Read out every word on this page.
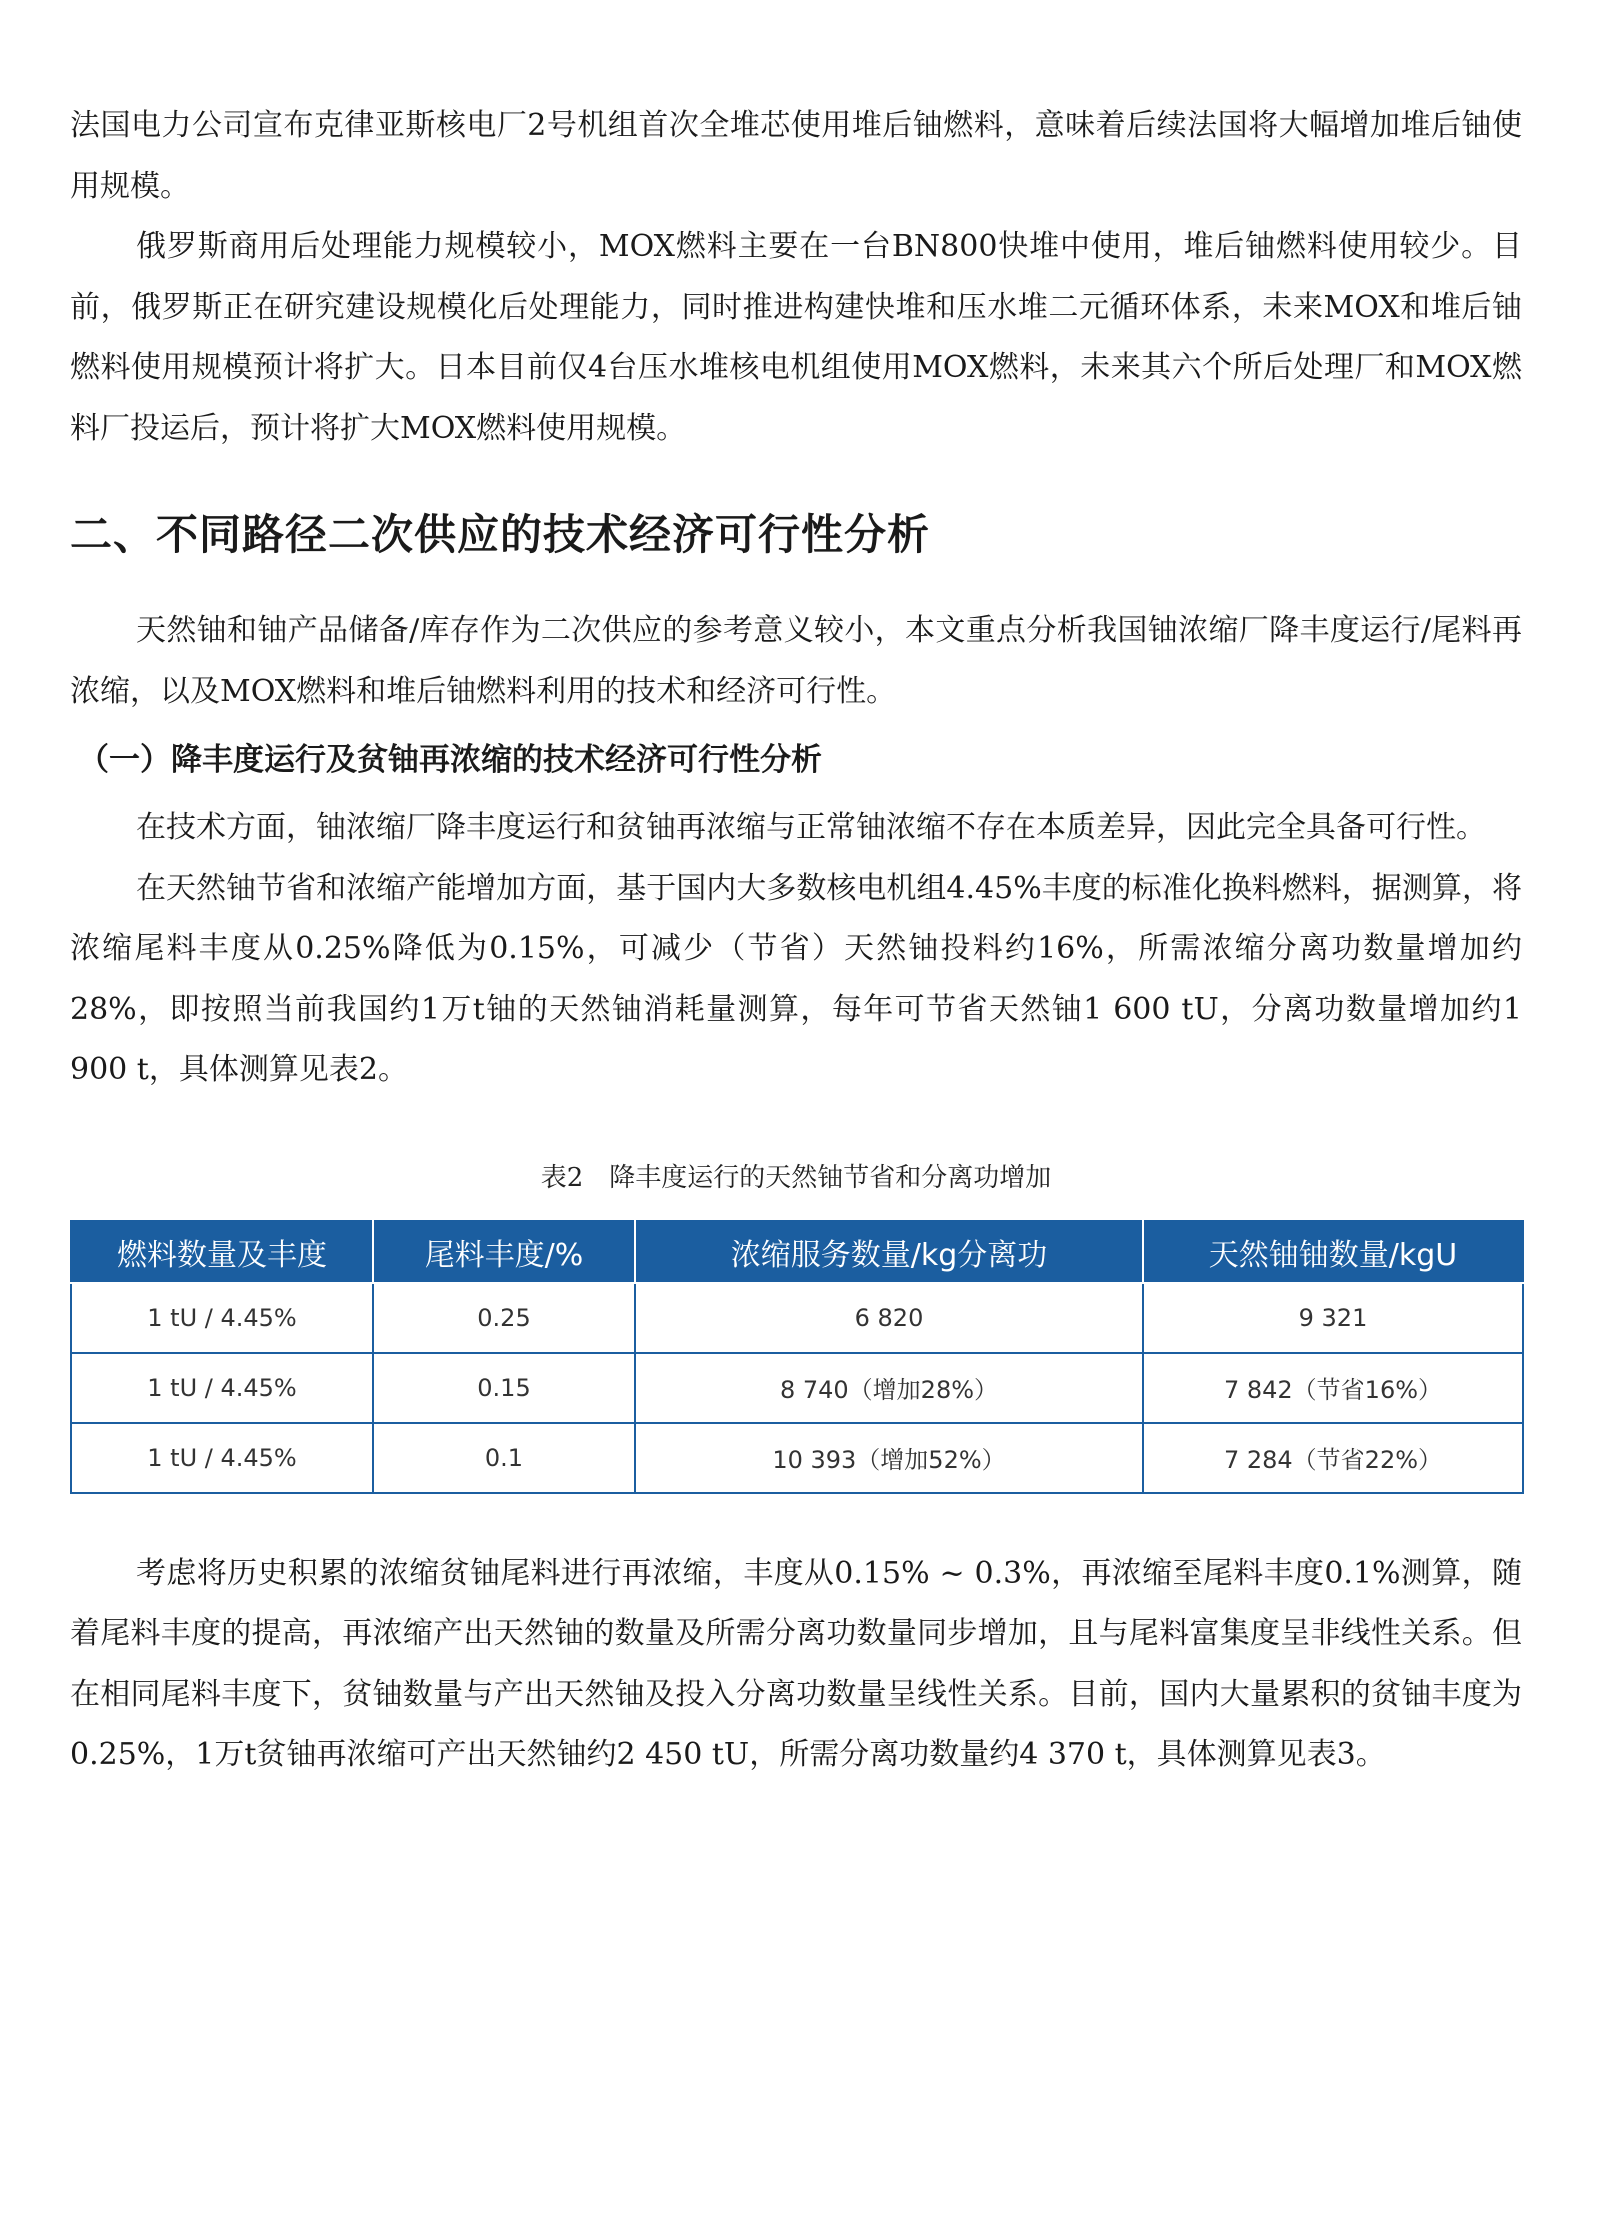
法国电力公司宣布克律亚斯核电厂2号机组首次全堆芯使用堆后铀燃料，意味着后续法国将大幅增加堆后铀使用规模。

俄罗斯商用后处理能力规模较小，MOX燃料主要在一台BN800快堆中使用，堆后铀燃料使用较少。目前，俄罗斯正在研究建设规模化后处理能力，同时推进构建快堆和压水堆二元循环体系，未来MOX和堆后铀燃料使用规模预计将扩大。日本目前仅4台压水堆核电机组使用MOX燃料，未来其六个所后处理厂和MOX燃料厂投运后，预计将扩大MOX燃料使用规模。

二、不同路径二次供应的技术经济可行性分析

天然铀和铀产品储备/库存作为二次供应的参考意义较小，本文重点分析我国铀浓缩厂降丰度运行/尾料再浓缩，以及MOX燃料和堆后铀燃料利用的技术和经济可行性。

（一）降丰度运行及贫铀再浓缩的技术经济可行性分析

在技术方面，铀浓缩厂降丰度运行和贫铀再浓缩与正常铀浓缩不存在本质差异，因此完全具备可行性。

在天然铀节省和浓缩产能增加方面，基于国内大多数核电机组4.45%丰度的标准化换料燃料，据测算，将浓缩尾料丰度从0.25%降低为0.15%，可减少（节省）天然铀投料约16%，所需浓缩分离功数量增加约28%，即按照当前我国约1万t铀的天然铀消耗量测算，每年可节省天然铀1 600 tU，分离功数量增加约1 900 t，具体测算见表2。

表2　降丰度运行的天然铀节省和分离功增加
燃料数量及丰度	尾料丰度/%	浓缩服务数量/kg分离功	天然铀铀数量/kgU
1 tU / 4.45%	0.25	6 820	9 321
1 tU / 4.45%	0.15	8 740（增加28%）	7 842（节省16%）
1 tU / 4.45%	0.1	10 393（增加52%）	7 284（节省22%）

考虑将历史积累的浓缩贫铀尾料进行再浓缩，丰度从0.15% ~ 0.3%，再浓缩至尾料丰度0.1%测算，随着尾料丰度的提高，再浓缩产出天然铀的数量及所需分离功数量同步增加，且与尾料富集度呈非线性关系。但在相同尾料丰度下，贫铀数量与产出天然铀及投入分离功数量呈线性关系。目前，国内大量累积的贫铀丰度为0.25%，1万t贫铀再浓缩可产出天然铀约2 450 tU，所需分离功数量约4 370 t，具体测算见表3。
